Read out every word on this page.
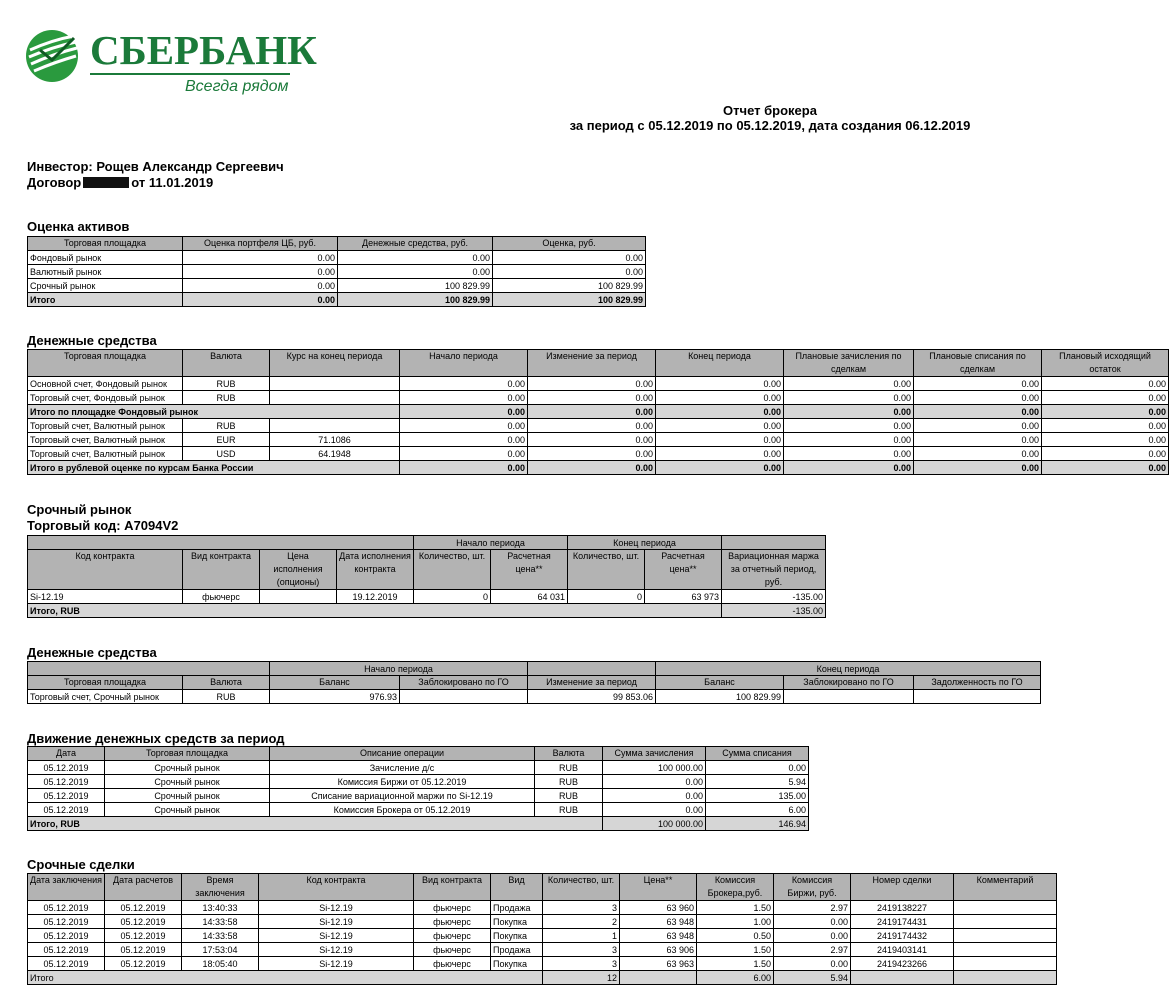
СБЕРБАНК
Всегда рядом
Отчет брокера
за период с 05.12.2019 по 05.12.2019, дата создания 06.12.2019
Инвестор: Рощев Александр Сергеевич
Договор	от 11.01.2019
Оценка активов
Торговая площадка	Оценка портфеля ЦБ, руб.	Денежные средства, руб.	Оценка, руб.
Фондовый рынок	0.00	0.00	0.00
Валютный рынок	0.00	0.00	0.00
Срочный рынок	0.00	100 829.99	100 829.99
Итого	0.00	100 829.99	100 829.99
Денежные средства
Торговая площадка	Валюта	Курс на конец периода	Начало периода	Изменение за период	Конец периода	Плановые зачисления по сделкам	Плановые списания по сделкам	Плановый исходящий остаток
Основной счет, Фондовый рынок	RUB		0.00	0.00	0.00	0.00	0.00	0.00
Торговый счет, Фондовый рынок	RUB		0.00	0.00	0.00	0.00	0.00	0.00
Итого по площадке Фондовый рынок			0.00	0.00	0.00	0.00	0.00	0.00
Торговый счет, Валютный рынок	RUB		0.00	0.00	0.00	0.00	0.00	0.00
Торговый счет, Валютный рынок	EUR	71.1086	0.00	0.00	0.00	0.00	0.00	0.00
Торговый счет, Валютный рынок	USD	64.1948	0.00	0.00	0.00	0.00	0.00	0.00
Итого в рублевой оценке по курсам Банка России			0.00	0.00	0.00	0.00	0.00	0.00
Срочный рынок
Торговый код: A7094V2
				Начало периода		Конец периода		
Код контракта	Вид контракта	Цена исполнения (опционы)	Дата исполнения контракта	Количество, шт.	Расчетная цена**	Количество, шт.	Расчетная цена**	Вариационная маржа за отчетный период, руб.
Si-12.19	фьючерс		19.12.2019	0	64 031	0	63 973	-135.00
Итого, RUB								-135.00
Денежные средства
		Начало периода			Конец периода		
Торговая площадка	Валюта	Баланс	Заблокировано по ГО	Изменение за период	Баланс	Заблокировано по ГО	Задолженность по ГО
Торговый счет, Срочный рынок	RUB	976.93		99 853.06	100 829.99		
Движение денежных средств за период
Дата	Торговая площадка	Описание операции	Валюта	Сумма зачисления	Сумма списания
05.12.2019	Срочный рынок	Зачисление д/с	RUB	100 000.00	0.00
05.12.2019	Срочный рынок	Комиссия Биржи от 05.12.2019	RUB	0.00	5.94
05.12.2019	Срочный рынок	Списание вариационной маржи по Si-12.19	RUB	0.00	135.00
05.12.2019	Срочный рынок	Комиссия Брокера от 05.12.2019	RUB	0.00	6.00
Итого, RUB				100 000.00	146.94
Срочные сделки
Дата заключения	Дата расчетов	Время заключения	Код контракта	Вид контракта	Вид	Количество, шт.	Цена**	Комиссия Брокера,руб.	Комиссия Биржи, руб.	Номер сделки	Комментарий
05.12.2019	05.12.2019	13:40:33	Si-12.19	фьючерс	Продажа	3	63 960	1.50	2.97	2419138227	
05.12.2019	05.12.2019	14:33:58	Si-12.19	фьючерс	Покупка	2	63 948	1.00	0.00	2419174431	
05.12.2019	05.12.2019	14:33:58	Si-12.19	фьючерс	Покупка	1	63 948	0.50	0.00	2419174432	
05.12.2019	05.12.2019	17:53:04	Si-12.19	фьючерс	Продажа	3	63 906	1.50	2.97	2419403141	
05.12.2019	05.12.2019	18:05:40	Si-12.19	фьючерс	Покупка	3	63 963	1.50	0.00	2419423266	
Итого						12		6.00	5.94		
